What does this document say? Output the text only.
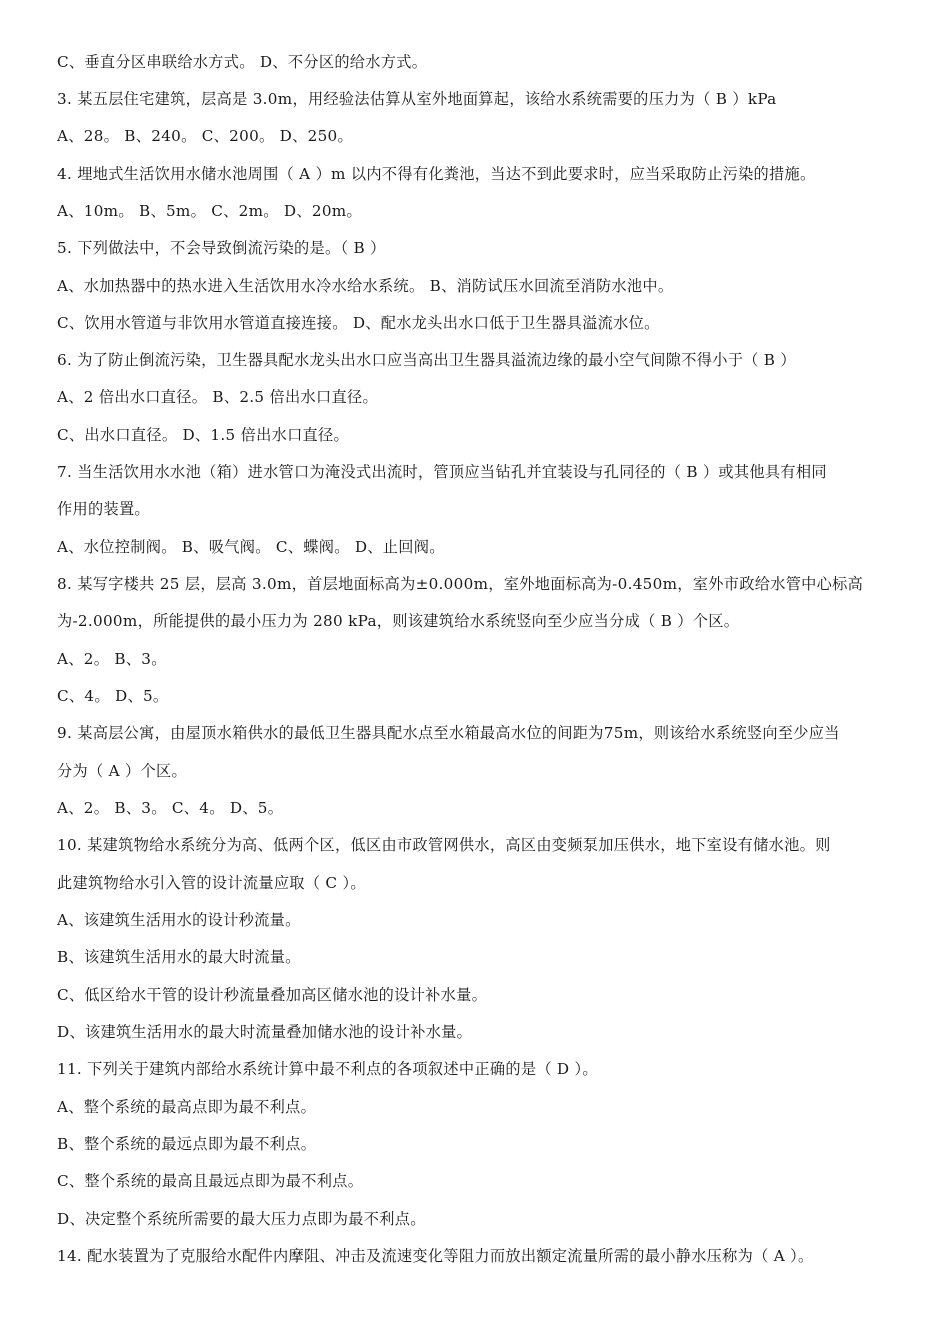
C、垂直分区串联给水方式。 D、不分区的给水方式。
3. 某五层住宅建筑，层高是 3.0m，用经验法估算从室外地面算起，该给水系统需要的压力为（ B ）kPa
A、28。 B、240。 C、200。 D、250。
4. 埋地式生活饮用水储水池周围（ A ）m 以内不得有化粪池，当达不到此要求时，应当采取防止污染的措施。
A、10m。 B、5m。 C、2m。 D、20m。
5. 下列做法中，不会导致倒流污染的是。（ B ）
A、水加热器中的热水进入生活饮用水冷水给水系统。 B、消防试压水回流至消防水池中。
C、饮用水管道与非饮用水管道直接连接。 D、配水龙头出水口低于卫生器具溢流水位。
6. 为了防止倒流污染，卫生器具配水龙头出水口应当高出卫生器具溢流边缘的最小空气间隙不得小于（ B ）
A、2 倍出水口直径。 B、2.5 倍出水口直径。
C、出水口直径。 D、1.5 倍出水口直径。
7. 当生活饮用水水池（箱）进水管口为淹没式出流时，管顶应当钻孔并宜装设与孔同径的（ B ）或其他具有相同
作用的装置。
A、水位控制阀。 B、吸气阀。 C、蝶阀。 D、止回阀。
8. 某写字楼共 25 层，层高 3.0m，首层地面标高为±0.000m，室外地面标高为-0.450m，室外市政给水管中心标高
为-2.000m，所能提供的最小压力为 280 kPa，则该建筑给水系统竖向至少应当分成（ B ）个区。
A、2。 B、3。
C、4。 D、5。
9. 某高层公寓，由屋顶水箱供水的最低卫生器具配水点至水箱最高水位的间距为75m，则该给水系统竖向至少应当
分为（ A ）个区。
A、2。 B、3。 C、4。 D、5。
10. 某建筑物给水系统分为高、低两个区，低区由市政管网供水，高区由变频泵加压供水，地下室设有储水池。则
此建筑物给水引入管的设计流量应取（ C ）。
A、该建筑生活用水的设计秒流量。
B、该建筑生活用水的最大时流量。
C、低区给水干管的设计秒流量叠加高区储水池的设计补水量。
D、该建筑生活用水的最大时流量叠加储水池的设计补水量。
11. 下列关于建筑内部给水系统计算中最不利点的各项叙述中正确的是（ D ）。
A、整个系统的最高点即为最不利点。
B、整个系统的最远点即为最不利点。
C、整个系统的最高且最远点即为最不利点。
D、决定整个系统所需要的最大压力点即为最不利点。
14. 配水装置为了克服给水配件内摩阻、冲击及流速变化等阻力而放出额定流量所需的最小静水压称为（ A ）。
